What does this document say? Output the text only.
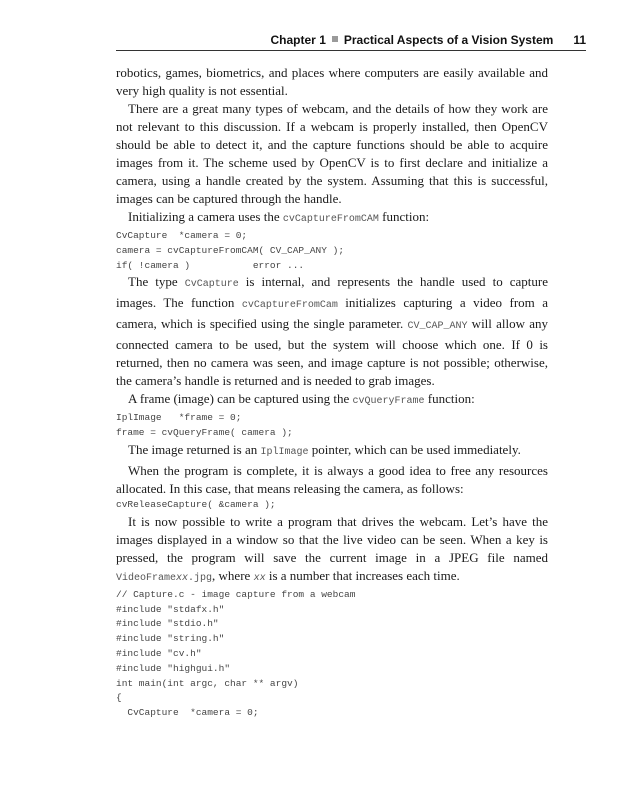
Chapter 1 Practical Aspects of a Vision System 11

robotics, games, biometrics, and places where computers are easily available and very high quality is not essential.

There are a great many types of webcam, and the details of how they work are not relevant to this discussion. If a webcam is properly installed, then OpenCV should be able to detect it, and the capture functions should be able to acquire images from it. The scheme used by OpenCV is to first declare and initialize a camera, using a handle created by the system. Assuming that this is successful, images can be captured through the handle.

Initializing a camera uses the cvCaptureFromCAM function:

CvCapture  *camera = 0;
camera = cvCaptureFromCAM( CV_CAP_ANY );
if( !camera )           error ...

The type CvCapture is internal, and represents the handle used to capture images. The function cvCaptureFromCam initializes capturing a video from a camera, which is specified using the single parameter. CV_CAP_ANY will allow any connected camera to be used, but the system will choose which one. If 0 is returned, then no camera was seen, and image capture is not possible; otherwise, the camera’s handle is returned and is needed to grab images.

A frame (image) can be captured using the cvQueryFrame function:

IplImage   *frame = 0;
frame = cvQueryFrame( camera );

The image returned is an IplImage pointer, which can be used immediately.

When the program is complete, it is always a good idea to free any resources allocated. In this case, that means releasing the camera, as follows:

cvReleaseCapture( &camera );

It is now possible to write a program that drives the webcam. Let’s have the images displayed in a window so that the live video can be seen. When a key is pressed, the program will save the current image in a JPEG file named VideoFramexx.jpg, where xx is a number that increases each time.

// Capture.c - image capture from a webcam
#include "stdafx.h"
#include "stdio.h"
#include "string.h"
#include "cv.h"
#include "highgui.h"
int main(int argc, char ** argv)
{
CvCapture  *camera = 0;
